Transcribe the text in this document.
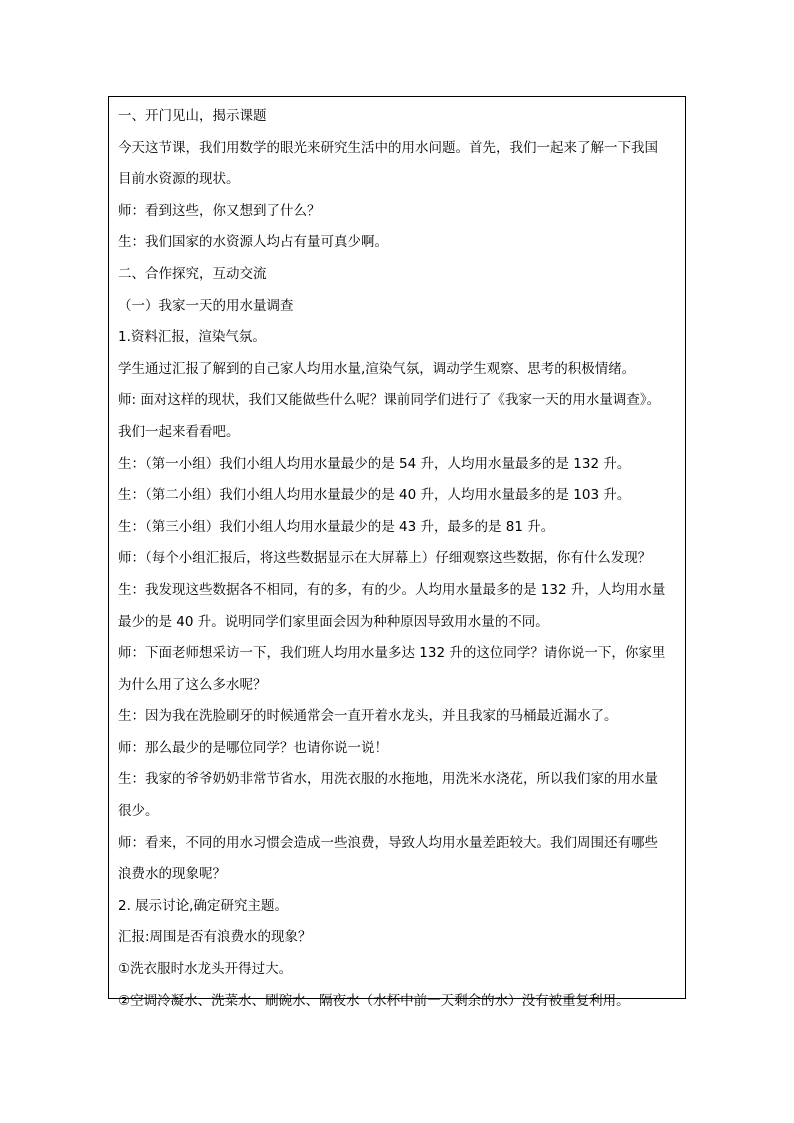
一、开门见山，揭示课题
今天这节课，我们用数学的眼光来研究生活中的用水问题。首先，我们一起来了解一下我国
目前水资源的现状。
师：看到这些，你又想到了什么？
生：我们国家的水资源人均占有量可真少啊。
二、合作探究，互动交流
（一）我家一天的用水量调查
1.资料汇报，渲染气氛。
学生通过汇报了解到的自己家人均用水量,渲染气氛，调动学生观察、思考的积极情绪。
师: 面对这样的现状，我们又能做些什么呢？课前同学们进行了《我家一天的用水量调查》。
我们一起来看看吧。
生：（第一小组）我们小组人均用水量最少的是 54 升，人均用水量最多的是 132 升。
生：（第二小组）我们小组人均用水量最少的是 40 升，人均用水量最多的是 103 升。
生：（第三小组）我们小组人均用水量最少的是 43 升，最多的是 81 升。
师：（每个小组汇报后，将这些数据显示在大屏幕上）仔细观察这些数据，你有什么发现？
生：我发现这些数据各不相同，有的多，有的少。人均用水量最多的是 132 升，人均用水量
最少的是 40 升。说明同学们家里面会因为种种原因导致用水量的不同。
师：下面老师想采访一下，我们班人均用水量多达 132 升的这位同学？请你说一下，你家里
为什么用了这么多水呢？
生：因为我在洗脸刷牙的时候通常会一直开着水龙头，并且我家的马桶最近漏水了。
师：那么最少的是哪位同学？也请你说一说！
生：我家的爷爷奶奶非常节省水，用洗衣服的水拖地，用洗米水浇花，所以我们家的用水量
很少。
师：看来，不同的用水习惯会造成一些浪费，导致人均用水量差距较大。我们周围还有哪些
浪费水的现象呢？
2. 展示讨论,确定研究主题。
汇报:周围是否有浪费水的现象？
①洗衣服时水龙头开得过大。
②空调冷凝水、洗菜水、刷碗水、隔夜水（水杯中前一天剩余的水）没有被重复利用。
